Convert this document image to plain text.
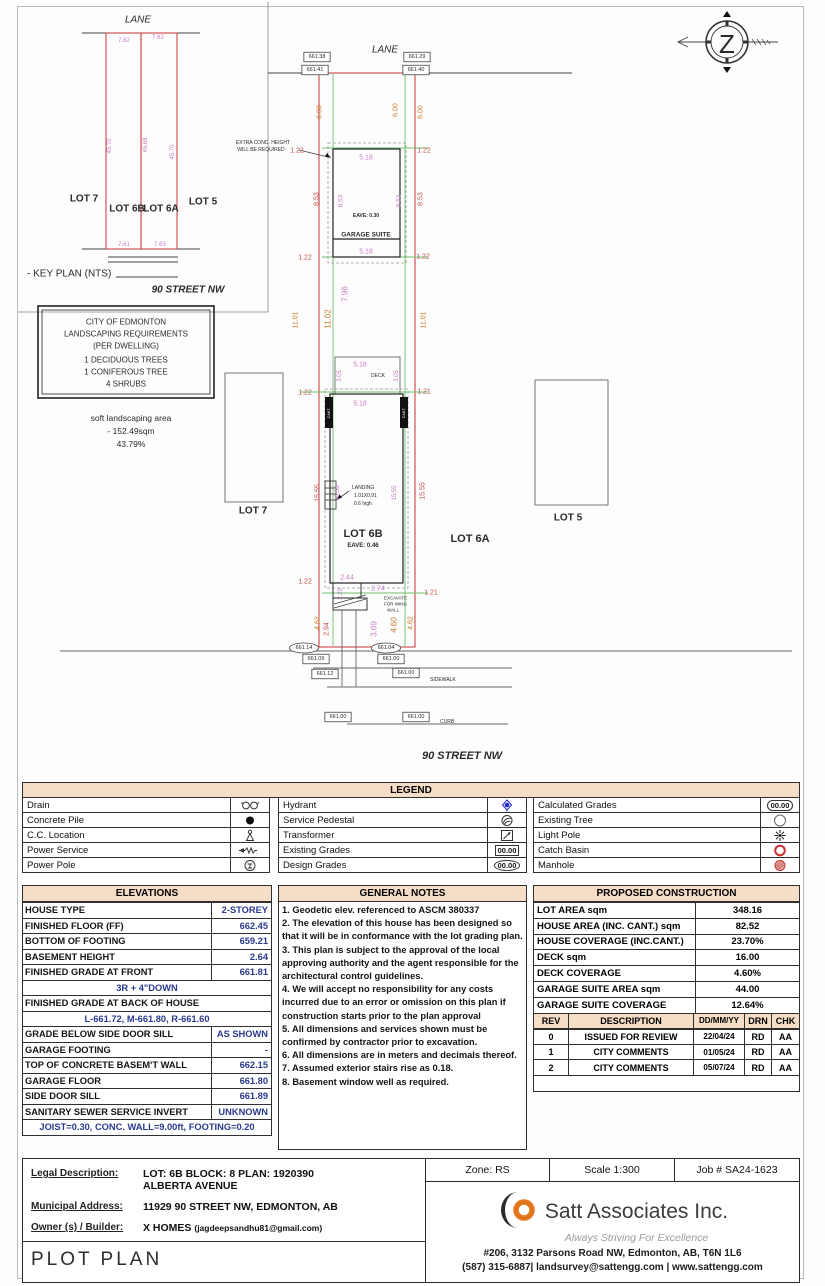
LANE
7.62	7.62
45.70	45.68	45.70
LOT 7
LOT 6B
LOT 6A
LOT 5
7.61	7.63
- KEY PLAN (NTS)
90 STREET NW
CITY OF EDMONTON
LANDSCAPING REQUIREMENTS
(PER DWELLING)
1 DECIDUOUS TREES
1 CONIFEROUS TREE
4 SHRUBS
soft landscaping area
- 152.49sqm
43.79%
Z
LANE
661.38
661.41
661.29
661.40
EXTRA CONC. HEIGHT
WILL BE REQUIRED 1.22	1.22
6.00	6.00	6.00
5.18
8.53	8.53	8.53 8.53
EAVE: 0.30
GARAGE SUITE
5.18
1.22	1.22
7.96
11.02
11.01	11.01
5.18
DECK
3.05	3.05
1.22	1.21
5.18
CANT.	CANT.
15.55 15.55	15.55	15.55
LANDING
1.01X0.91
0.6 high
LOT 6B
EAVE: 0.46
LOT 6A
LOT 7
LOT 5
2.44
2.74
2.29
1.22
1.21
EXCAVATE
FOR WING
WALL
4.62 2.94	3.69 4.60 4.62
661.14	661.04
661.09	661.00
661.12	661.00
SIDEWALK
661.00	661.00
CURB
90 STREET NW
LEGEND
Drain
Concrete Pile
C.C. Location
Power Service
Power Pole
Hydrant
Service Pedestal
Transformer
Existing Grades	00.00
Design Grades	00.00
Calculated Grades	00.00
Existing Tree
Light Pole
Catch Basin
Manhole
ELEVATIONS
HOUSE TYPE	2-STOREY
FINISHED FLOOR (FF)	662.45
BOTTOM OF FOOTING	659.21
BASEMENT HEIGHT	2.64
FINISHED GRADE AT FRONT	661.81
3R + 4"DOWN
FINISHED GRADE AT BACK OF HOUSE
L-661.72, M-661.80, R-661.60
GRADE BELOW SIDE DOOR SILL	AS SHOWN
GARAGE FOOTING	-
TOP OF CONCRETE BASEM'T WALL	662.15
GARAGE FLOOR	661.80
SIDE DOOR SILL	661.89
SANITARY SEWER SERVICE INVERT	UNKNOWN
JOIST=0.30, CONC. WALL=9.00ft, FOOTING=0.20
GENERAL NOTES
1. Geodetic elev. referenced to ASCM 380337
2. The elevation of this house has been designed so that it will be in conformance with the lot grading plan.
3. This plan is subject to the approval of the local approving authority and the agent responsible for the architectural control guidelines.
4. We will accept no responsibility for any costs incurred due to an error or omission on this plan if construction starts prior to the plan approval
5. All dimensions and services shown must be confirmed by contractor prior to excavation.
6. All dimensions are in meters and decimals thereof.
7. Assumed exterior stairs rise as 0.18.
8. Basement window well as required.
PROPOSED CONSTRUCTION
LOT AREA sqm	348.16
HOUSE AREA (INC. CANT.) sqm	82.52
HOUSE COVERAGE (INC.CANT.)	23.70%
DECK sqm	16.00
DECK COVERAGE	4.60%
GARAGE SUITE AREA sqm	44.00
GARAGE SUITE COVERAGE	12.64%
REV	DESCRIPTION	DD/MM/YY	DRN CHK
0	ISSUED FOR REVIEW	22/04/24	RD	AA
1	CITY COMMENTS	01/05/24	RD	AA
2	CITY COMMENTS	05/07/24	RD	AA
Legal Description:	LOT: 6B BLOCK: 8 PLAN: 1920390
ALBERTA AVENUE
Municipal Address:	11929 90 STREET NW, EDMONTON, AB
Owner (s) / Builder:	X HOMES (jagdeepsandhu81@gmail.com)
PLOT PLAN
Zone: RS	Scale 1:300	Job # SA24-1623
Satt Associates Inc.
Always Striving For Excellence
#206, 3132 Parsons Road NW, Edmonton, AB, T6N 1L6
(587) 315-6887| landsurvey@sattengg.com | www.sattengg.com
